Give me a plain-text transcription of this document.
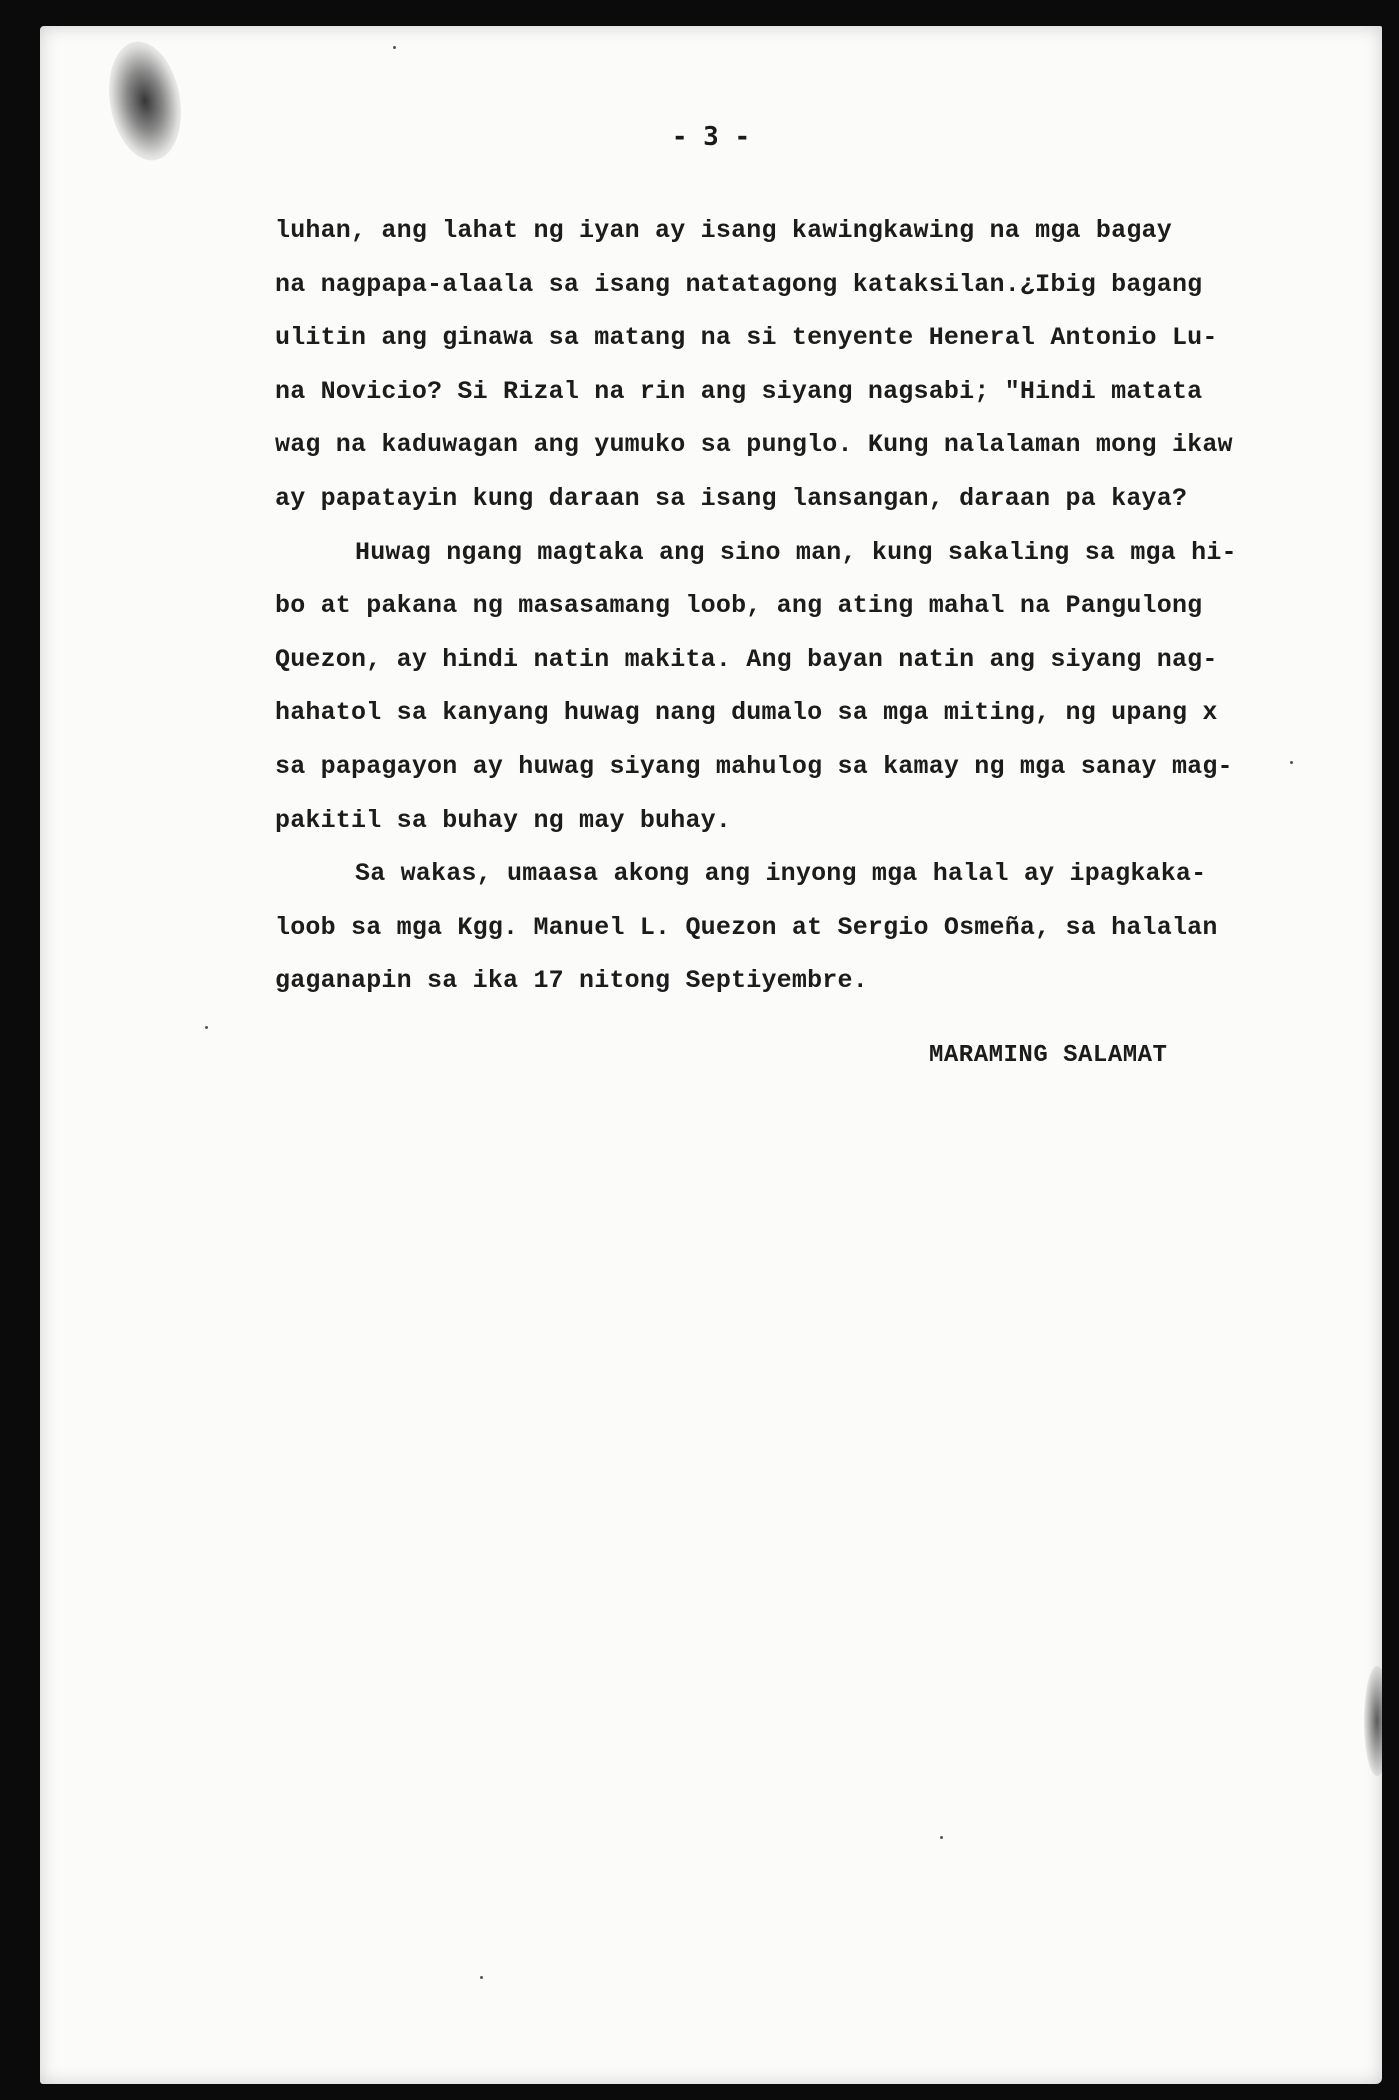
- 3 -
luhan, ang lahat ng iyan ay isang kawingkawing na mga bagay
na nagpapa-alaala sa isang natatagong kataksilan.¿Ibig bagang
ulitin ang ginawa sa matang na si tenyente Heneral Antonio Lu-
na Novicio? Si Rizal na rin ang siyang nagsabi; "Hindi matata
wag na kaduwagan ang yumuko sa punglo. Kung nalalaman mong ikaw
ay papatayin kung daraan sa isang lansangan, daraan pa kaya?
Huwag ngang magtaka ang sino man, kung sakaling sa mga hi-
bo at pakana ng masasamang loob, ang ating mahal na Pangulong
Quezon, ay hindi natin makita. Ang bayan natin ang siyang nag-
hahatol sa kanyang huwag nang dumalo sa mga miting, ng upang x
sa papagayon ay huwag siyang mahulog sa kamay ng mga sanay mag-
pakitil sa buhay ng may buhay.
Sa wakas, umaasa akong ang inyong mga halal ay ipagkaka-
loob sa mga Kgg. Manuel L. Quezon at Sergio Osmeña, sa halalan
gaganapin sa ika 17 nitong Septiyembre.
MARAMING SALAMAT
